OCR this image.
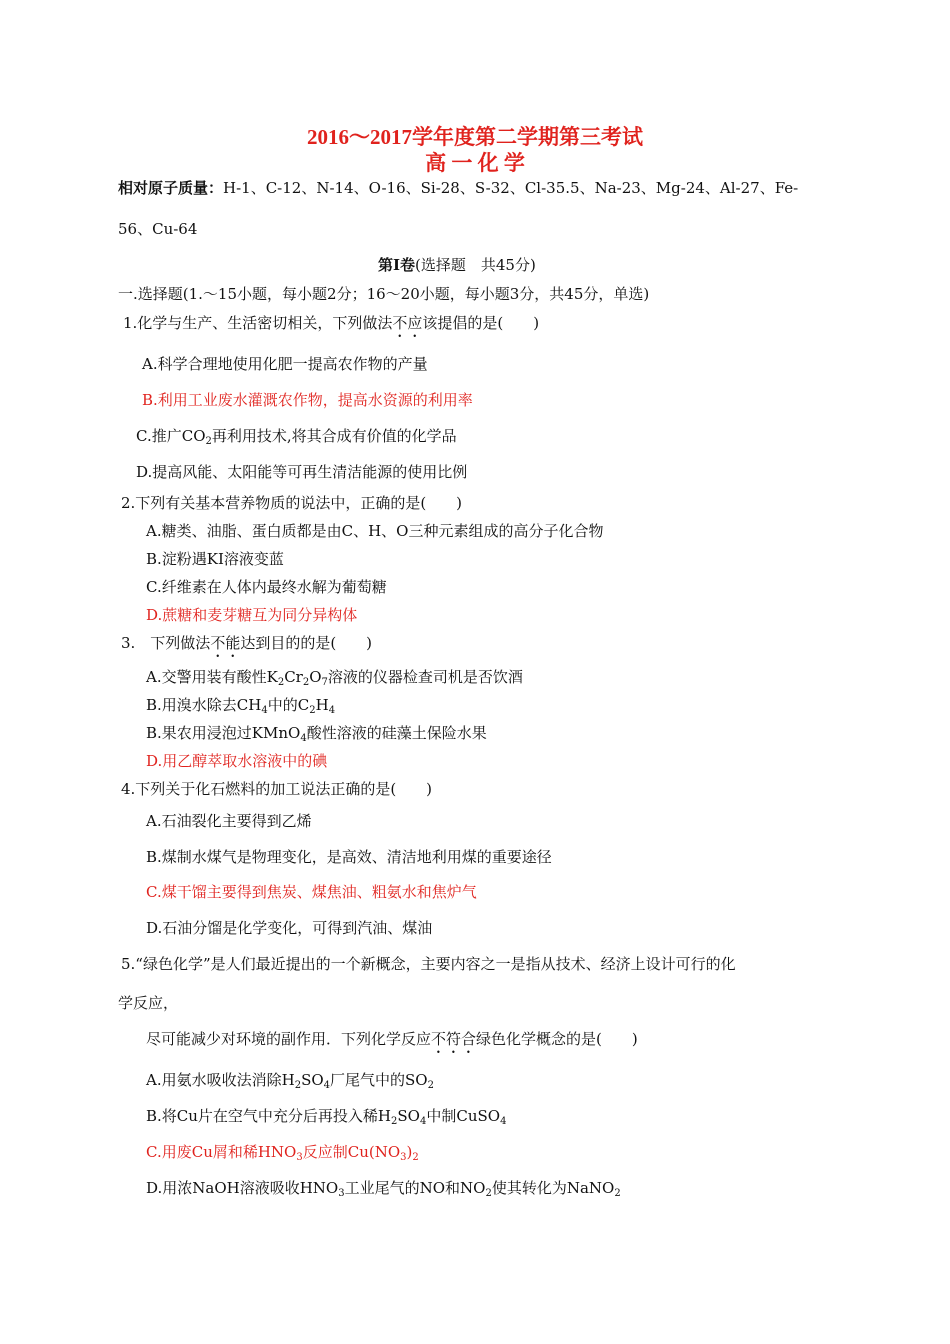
2016～2017学年度第二学期第三考试
高 一 化 学
相对原子质量：H-1、C-12、N-14、O-16、Si-28、S-32、Cl-35.5、Na-23、Mg-24、Al-27、Fe-
56、Cu-64
第Ⅰ卷(选择题　共45分)
一.选择题(1.～15小题，每小题2分；16～20小题，每小题3分，共45分，单选)
1.化学与生产、生活密切相关，下列做法不应该提倡的是(　　)
A.科学合理地使用化肥一提高农作物的产量
B.利用工业废水灌溉农作物，提高水资源的利用率
C.推广$CO_2$再利用技术,将其合成有价值的化学品
D.提高风能、太阳能等可再生清洁能源的使用比例
2.下列有关基本营养物质的说法中，正确的是(　　)
A.糖类、油脂、蛋白质都是由C、H、O三种元素组成的高分子化合物
B.淀粉遇KI溶液变蓝
C.纤维素在人体内最终水解为葡萄糖
D.蔗糖和麦芽糖互为同分异构体
3.　下列做法不能达到目的的是(　　)
A.交警用装有酸性$K_2Cr_2O_7$溶液的仪器检查司机是否饮酒
B.用溴水除去$CH_4$中的$C_2H_4$
B.果农用浸泡过KMnO$_4$酸性溶液的硅藻土保险水果
D.用乙醇萃取水溶液中的碘
4.下列关于化石燃料的加工说法正确的是(　　)
A.石油裂化主要得到乙烯
B.煤制水煤气是物理变化，是高效、清洁地利用煤的重要途径
C.煤干馏主要得到焦炭、煤焦油、粗氨水和焦炉气
D.石油分馏是化学变化，可得到汽油、煤油
5.“绿色化学”是人们最近提出的一个新概念，主要内容之一是指从技术、经济上设计可行的化
学反应，
尽可能减少对环境的副作用．下列化学反应不符合绿色化学概念的是(　　)
A.用氨水吸收法消除$H_2SO_4$厂尾气中的$SO_2$
B.将Cu片在空气中充分后再投入稀$H_2SO_4$中制CuSO$_4$
C.用废Cu屑和稀$HNO_3$反应制$Cu(NO_3)_2$
D.用浓NaOH溶液吸收$HNO_3$工业尾气的NO和$NO_2$使其转化为NaNO$_2$
